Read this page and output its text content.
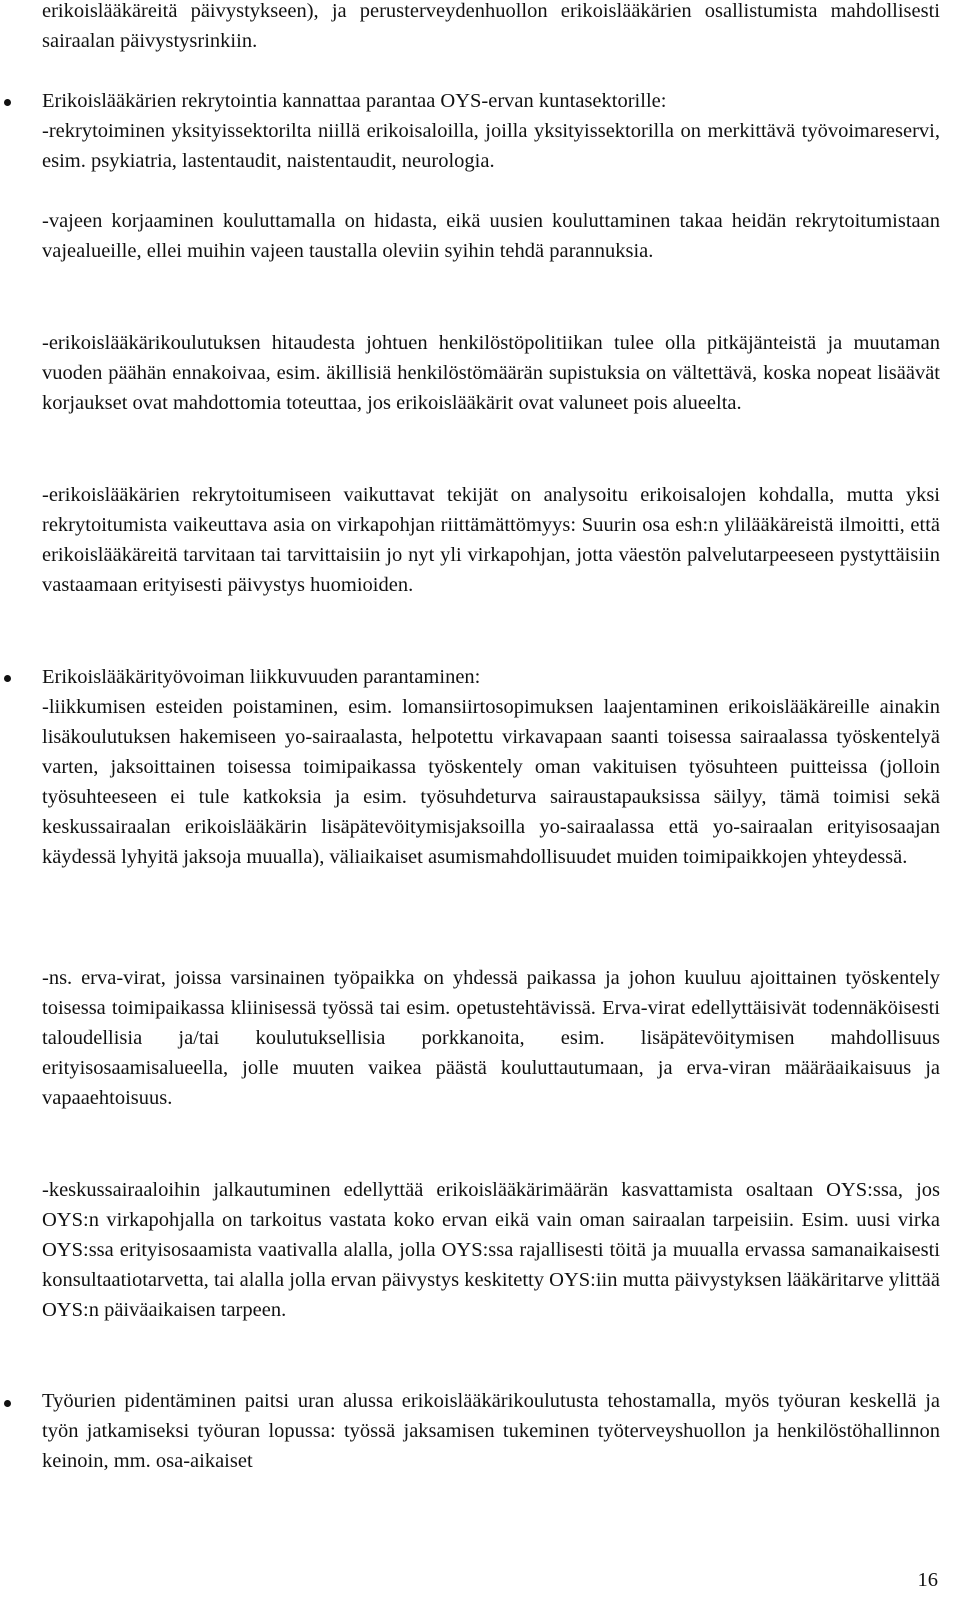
erikoislääkäreitä päivystykseen), ja perusterveydenhuollon erikoislääkärien osallistumista mahdollisesti sairaalan päivystysrinkiin.

Erikoislääkärien rekrytointia kannattaa parantaa OYS-ervan kuntasektorille:

-rekrytoiminen yksityissektorilta niillä erikoisaloilla, joilla yksityissektorilla on merkittävä työvoimareservi, esim. psykiatria, lastentaudit, naistentaudit, neurologia.

-vajeen korjaaminen kouluttamalla on hidasta, eikä uusien kouluttaminen takaa heidän rekrytoitumistaan vajealueille, ellei muihin vajeen taustalla oleviin syihin tehdä parannuksia.

-erikoislääkärikoulutuksen hitaudesta johtuen henkilöstöpolitiikan tulee olla pitkäjänteistä ja muutaman vuoden päähän ennakoivaa, esim. äkillisiä henkilöstömäärän supistuksia on vältettävä, koska nopeat lisäävät korjaukset ovat mahdottomia toteuttaa, jos erikoislääkärit ovat valuneet pois alueelta.

-erikoislääkärien rekrytoitumiseen vaikuttavat tekijät on analysoitu erikoisalojen kohdalla, mutta yksi rekrytoitumista vaikeuttava asia on virkapohjan riittämättömyys: Suurin osa esh:n ylilääkäreistä ilmoitti, että erikoislääkäreitä tarvitaan tai tarvittaisiin jo nyt yli virkapohjan, jotta väestön palvelutarpeeseen pystyttäisiin vastaamaan erityisesti päivystys huomioiden.

Erikoislääkärityövoiman liikkuvuuden parantaminen:

-liikkumisen esteiden poistaminen, esim. lomansiirtosopimuksen laajentaminen erikoislääkäreille ainakin lisäkoulutuksen hakemiseen yo-sairaalasta, helpotettu virkavapaan saanti toisessa sairaalassa työskentelyä varten, jaksoittainen toisessa toimipaikassa työskentely oman vakituisen työsuhteen puitteissa (jolloin työsuhteeseen ei tule katkoksia ja esim. työsuhdeturva sairaustapauksissa säilyy, tämä toimisi sekä keskussairaalan erikoislääkärin lisäpätevöitymisjaksoilla yo-sairaalassa että yo-sairaalan erityisosaajan käydessä lyhyitä jaksoja muualla), väliaikaiset asumismahdollisuudet muiden toimipaikkojen yhteydessä.

-ns. erva-virat, joissa varsinainen työpaikka on yhdessä paikassa ja johon kuuluu ajoittainen työskentely toisessa toimipaikassa kliinisessä työssä tai esim. opetustehtävissä. Erva-virat edellyttäisivät todennäköisesti taloudellisia ja/tai koulutuksellisia porkkanoita, esim. lisäpätevöitymisen mahdollisuus erityisosaamisalueella, jolle muuten vaikea päästä kouluttautumaan, ja erva-viran määräaikaisuus ja vapaaehtoisuus.

-keskussairaaloihin jalkautuminen edellyttää erikoislääkärimäärän kasvattamista osaltaan OYS:ssa, jos OYS:n virkapohjalla on tarkoitus vastata koko ervan eikä vain oman sairaalan tarpeisiin. Esim. uusi virka OYS:ssa erityisosaamista vaativalla alalla, jolla OYS:ssa rajallisesti töitä ja muualla ervassa samanaikaisesti konsultaatiotarvetta, tai alalla jolla ervan päivystys keskitetty OYS:iin mutta päivystyksen lääkäritarve ylittää OYS:n päiväaikaisen tarpeen.

Työurien pidentäminen paitsi uran alussa erikoislääkärikoulutusta tehostamalla, myös työuran keskellä ja työn jatkamiseksi työuran lopussa: työssä jaksamisen tukeminen työterveyshuollon ja henkilöstöhallinnon keinoin, mm. osa-aikaiset

16
